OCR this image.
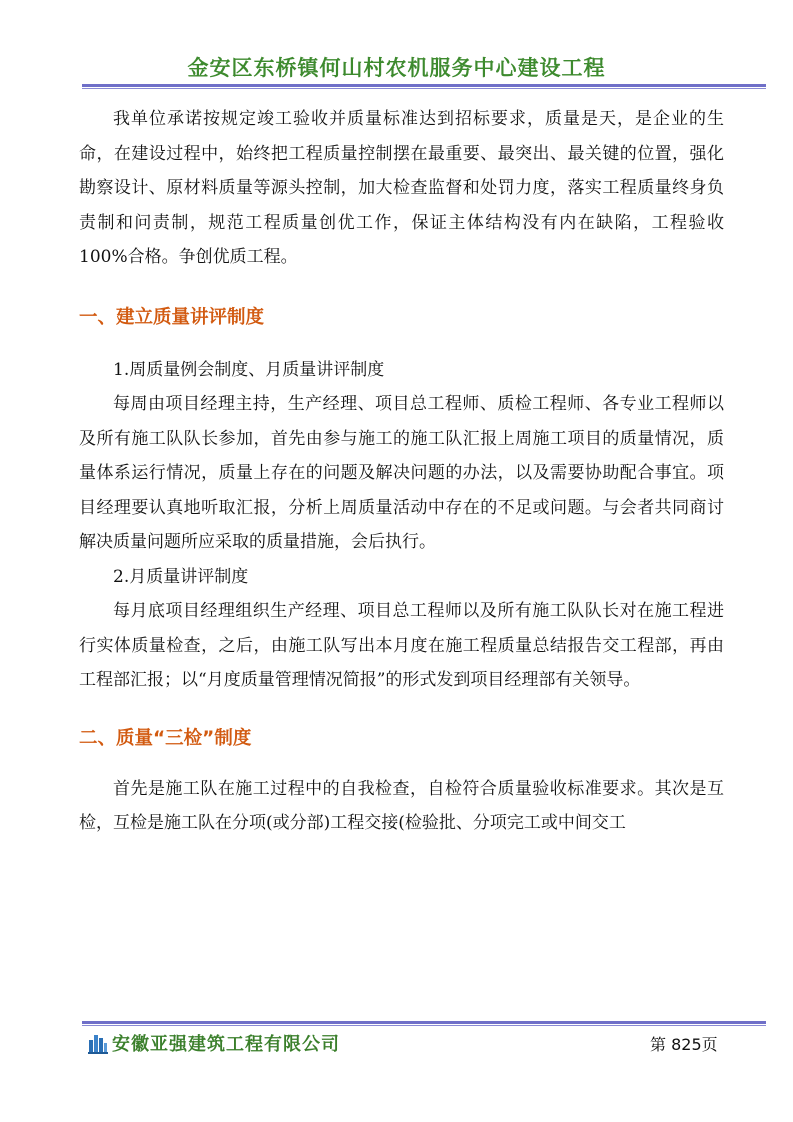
金安区东桥镇何山村农机服务中心建设工程

我单位承诺按规定竣工验收并质量标准达到招标要求，质量是天，是企业的生命，在建设过程中，始终把工程质量控制摆在最重要、最突出、最关键的位置，强化勘察设计、原材料质量等源头控制，加大检查监督和处罚力度，落实工程质量终身负责制和问责制，规范工程质量创优工作，保证主体结构没有内在缺陷，工程验收 100%合格。争创优质工程。

一、建立质量讲评制度

1.周质量例会制度、月质量讲评制度

每周由项目经理主持，生产经理、项目总工程师、质检工程师、各专业工程师以及所有施工队队长参加，首先由参与施工的施工队汇报上周施工项目的质量情况，质量体系运行情况，质量上存在的问题及解决问题的办法，以及需要协助配合事宜。项目经理要认真地听取汇报，分析上周质量活动中存在的不足或问题。与会者共同商讨解决质量问题所应采取的质量措施，会后执行。

2.月质量讲评制度

每月底项目经理组织生产经理、项目总工程师以及所有施工队队长对在施工程进行实体质量检查，之后，由施工队写出本月度在施工程质量总结报告交工程部，再由工程部汇报；以“月度质量管理情况简报”的形式发到项目经理部有关领导。

二、质量“三检”制度

首先是施工队在施工过程中的自我检查，自检符合质量验收标准要求。其次是互检，互检是施工队在分项(或分部)工程交接(检验批、分项完工或中间交工

安徽亚强建筑工程有限公司	第 825页
